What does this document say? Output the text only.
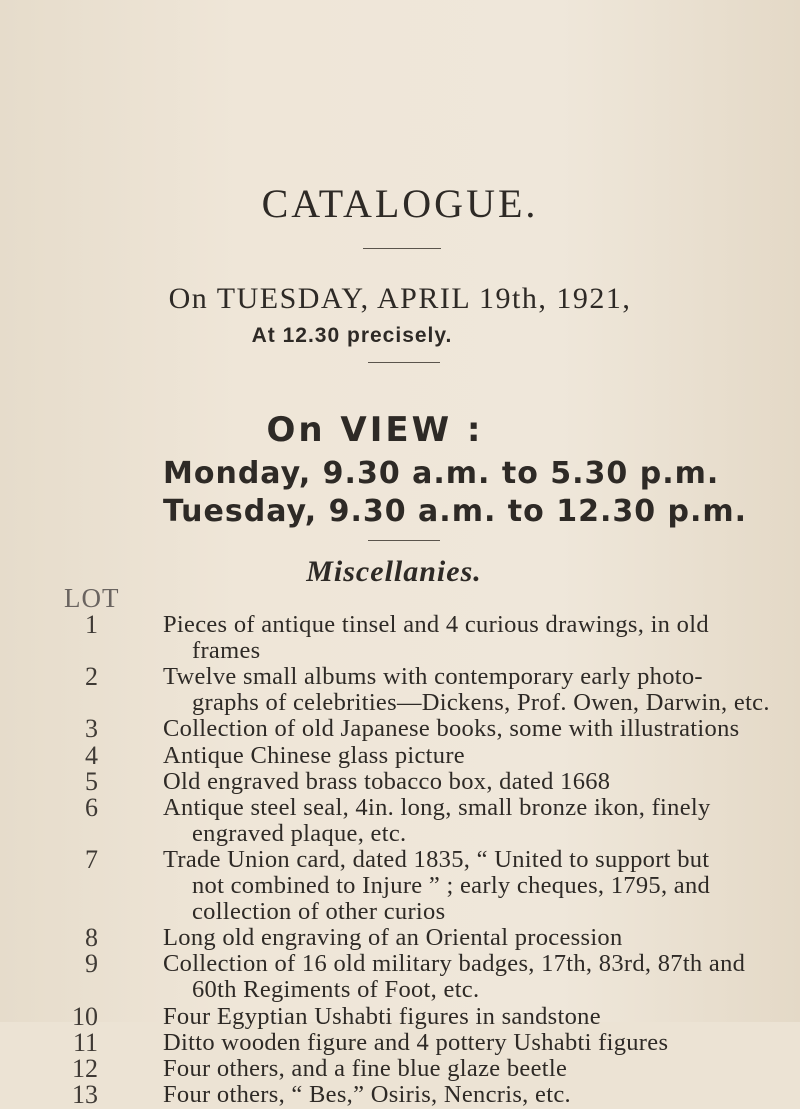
CATALOGUE.
On TUESDAY, APRIL 19th, 1921,
At 12.30 precisely.
On VIEW :
Monday, 9.30 a.m. to 5.30 p.m.
Tuesday, 9.30 a.m. to 12.30 p.m.
Miscellanies.
LOT
1	Pieces of antique tinsel and 4 curious drawings, in old
frames
2	Twelve small albums with contemporary early photo-
graphs of celebrities—Dickens, Prof. Owen, Darwin, etc.
3	Collection of old Japanese books, some with illustrations
4	Antique Chinese glass picture
5	Old engraved brass tobacco box, dated 1668
6	Antique steel seal, 4in. long, small bronze ikon, finely
engraved plaque, etc.
7	Trade Union card, dated 1835, “ United to support but
not combined to Injure ” ; early cheques, 1795, and
collection of other curios
8	Long old engraving of an Oriental procession
9	Collection of 16 old military badges, 17th, 83rd, 87th and
60th Regiments of Foot, etc.
10	Four Egyptian Ushabti figures in sandstone
11	Ditto wooden figure and 4 pottery Ushabti figures
12	Four others, and a fine blue glaze beetle
13	Four others, “ Bes,” Osiris, Nencris, etc.
